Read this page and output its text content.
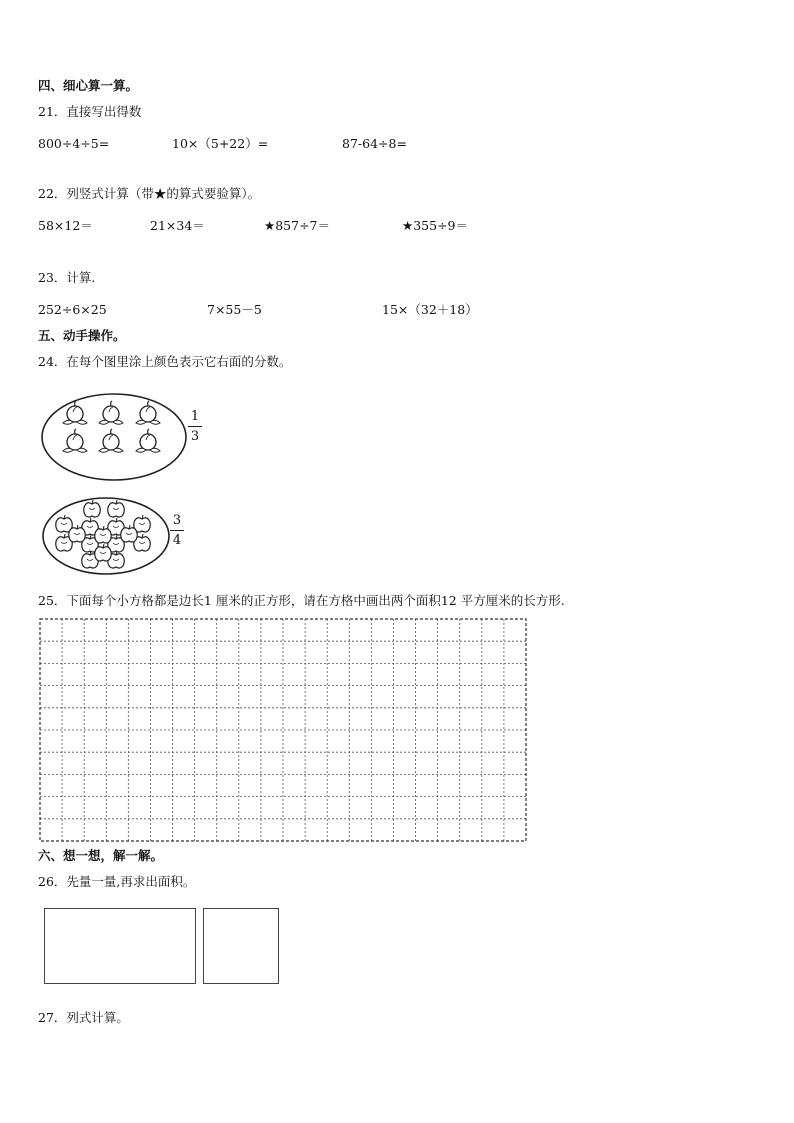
四、细心算一算。
21．直接写出得数
800÷4÷5=	10×（5+22）=	87-64÷8=
22．列竖式计算（带★的算式要验算）。
58×12＝	21×34＝	★857÷7＝	★355÷9＝
23．计算.
252÷6×25	7×55－5	15×（32＋18）
五、动手操作。
24．在每个图里涂上颜色表示它右面的分数。
1
3
3
4
25．下面每个小方格都是边长1 厘米的正方形，请在方格中画出两个面积12 平方厘米的长方形.
六、想一想，解一解。
26．先量一量,再求出面积。
27．列式计算。
